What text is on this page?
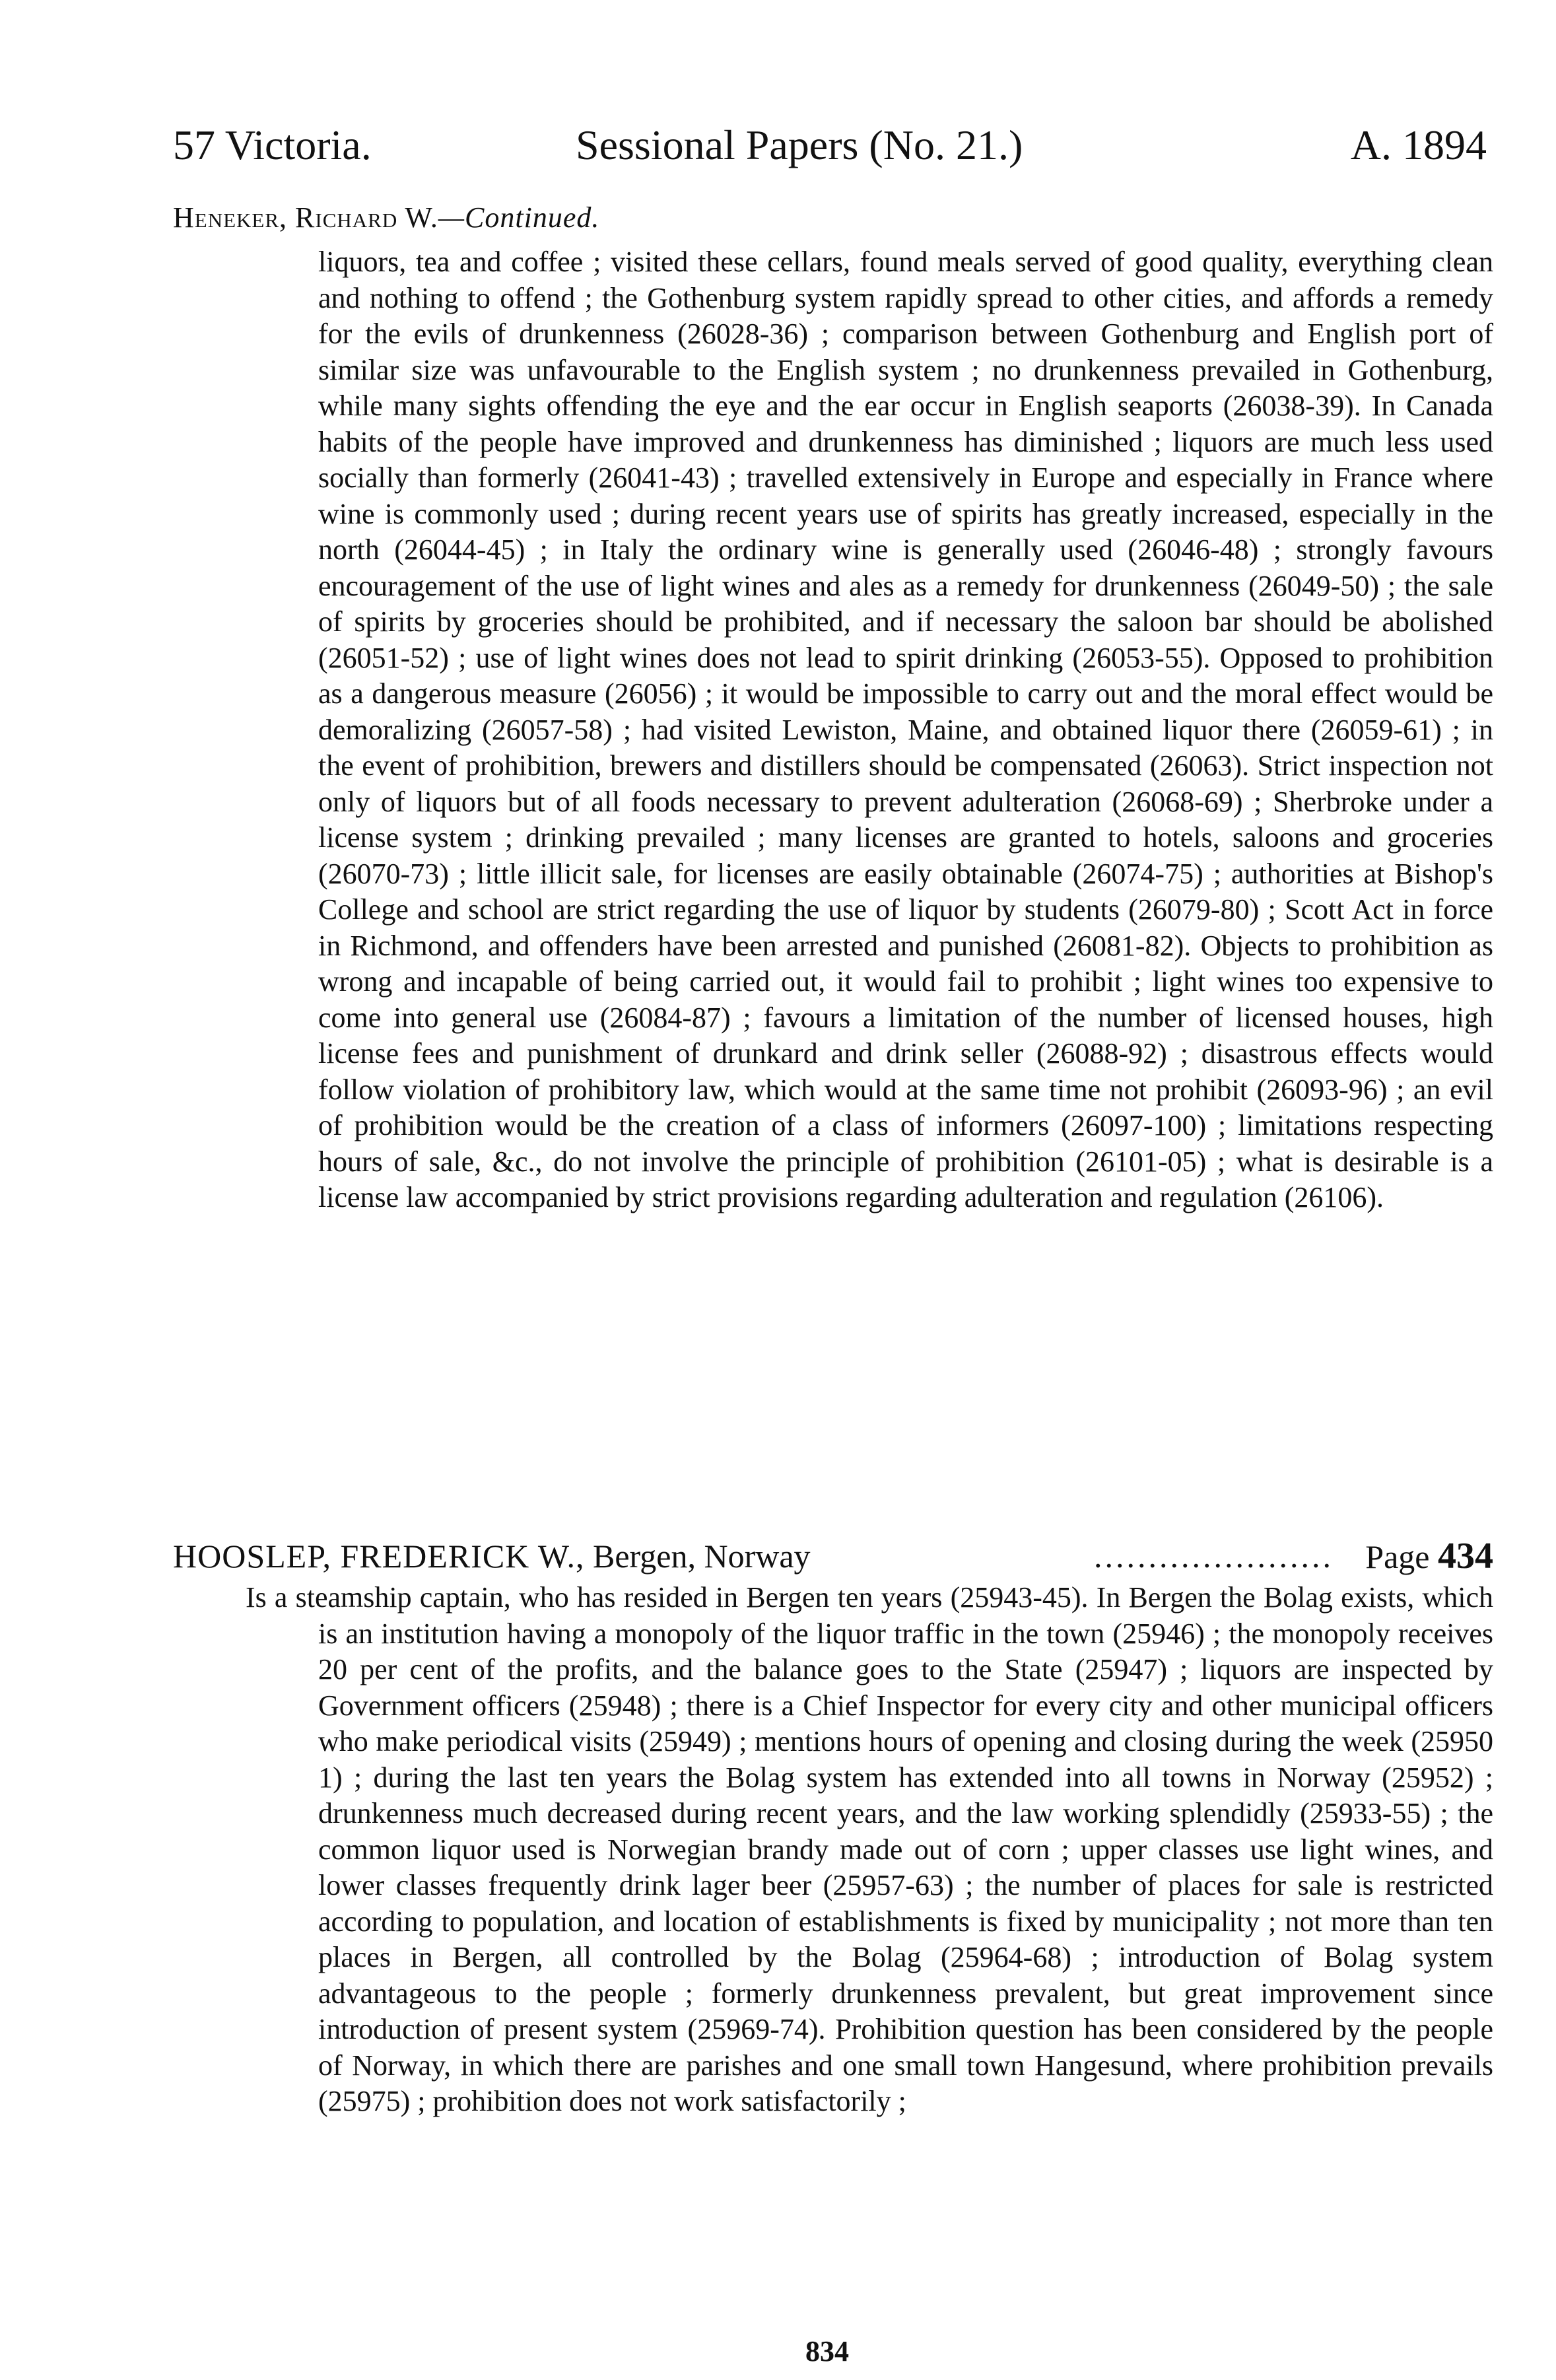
57 Victoria.	Sessional Papers (No. 21.)	A. 1894
Heneker, Richard W.—Continued.
liquors, tea and coffee ; visited these cellars, found meals served of good quality, everything clean and nothing to offend ; the Gothenburg system rapidly spread to other cities, and affords a remedy for the evils of drunkenness (26028-36) ; comparison between Gothenburg and English port of similar size was unfavourable to the English system ; no drunkenness prevailed in Gothenburg, while many sights offending the eye and the ear occur in English seaports (26038-39). In Canada habits of the people have improved and drunkenness has diminished ; liquors are much less used socially than formerly (26041-43) ; travelled extensively in Europe and especially in France where wine is commonly used ; during recent years use of spirits has greatly increased, especially in the north (26044-45) ; in Italy the ordinary wine is generally used (26046-48) ; strongly favours encouragement of the use of light wines and ales as a remedy for drunkenness (26049-50) ; the sale of spirits by groceries should be prohibited, and if necessary the saloon bar should be abolished (26051-52) ; use of light wines does not lead to spirit drinking (26053-55). Opposed to prohibition as a dangerous measure (26056) ; it would be impossible to carry out and the moral effect would be demoralizing (26057-58) ; had visited Lewiston, Maine, and obtained liquor there (26059-61) ; in the event of prohibition, brewers and distillers should be compensated (26063). Strict inspection not only of liquors but of all foods necessary to prevent adulteration (26068-69) ; Sherbroke under a license system ; drinking prevailed ; many licenses are granted to hotels, saloons and groceries (26070-73) ; little illicit sale, for licenses are easily obtainable (26074-75) ; authorities at Bishop's College and school are strict regarding the use of liquor by students (26079-80) ; Scott Act in force in Richmond, and offenders have been arrested and punished (26081-82). Objects to prohibition as wrong and incapable of being carried out, it would fail to prohibit ; light wines too expensive to come into general use (26084-87) ; favours a limitation of the number of licensed houses, high license fees and punishment of drunkard and drink seller (26088-92) ; disastrous effects would follow violation of prohibitory law, which would at the same time not prohibit (26093-96) ; an evil of prohibition would be the creation of a class of informers (26097-100) ; limitations respecting hours of sale, &c., do not involve the principle of prohibition (26101-05) ; what is desirable is a license law accompanied by strict provisions regarding adulteration and regulation (26106).
HOOSLEP, FREDERICK W., Bergen, Norway	...................... Page 434
Is a steamship captain, who has resided in Bergen ten years (25943-45). In Bergen the Bolag exists, which is an institution having a monopoly of the liquor traffic in the town (25946) ; the monopoly receives 20 per cent of the profits, and the balance goes to the State (25947) ; liquors are inspected by Government officers (25948) ; there is a Chief Inspector for every city and other municipal officers who make periodical visits (25949) ; mentions hours of opening and closing during the week (25950 1) ; during the last ten years the Bolag system has extended into all towns in Norway (25952) ; drunkenness much decreased during recent years, and the law working splendidly (25933-55) ; the common liquor used is Norwegian brandy made out of corn ; upper classes use light wines, and lower classes frequently drink lager beer (25957-63) ; the number of places for sale is restricted according to population, and location of establishments is fixed by municipality ; not more than ten places in Bergen, all controlled by the Bolag (25964-68) ; introduction of Bolag system advantageous to the people ; formerly drunkenness prevalent, but great improvement since introduction of present system (25969-74). Prohibition question has been considered by the people of Norway, in which there are parishes and one small town Hangesund, where prohibition prevails (25975) ; prohibition does not work satisfactorily ;
834
